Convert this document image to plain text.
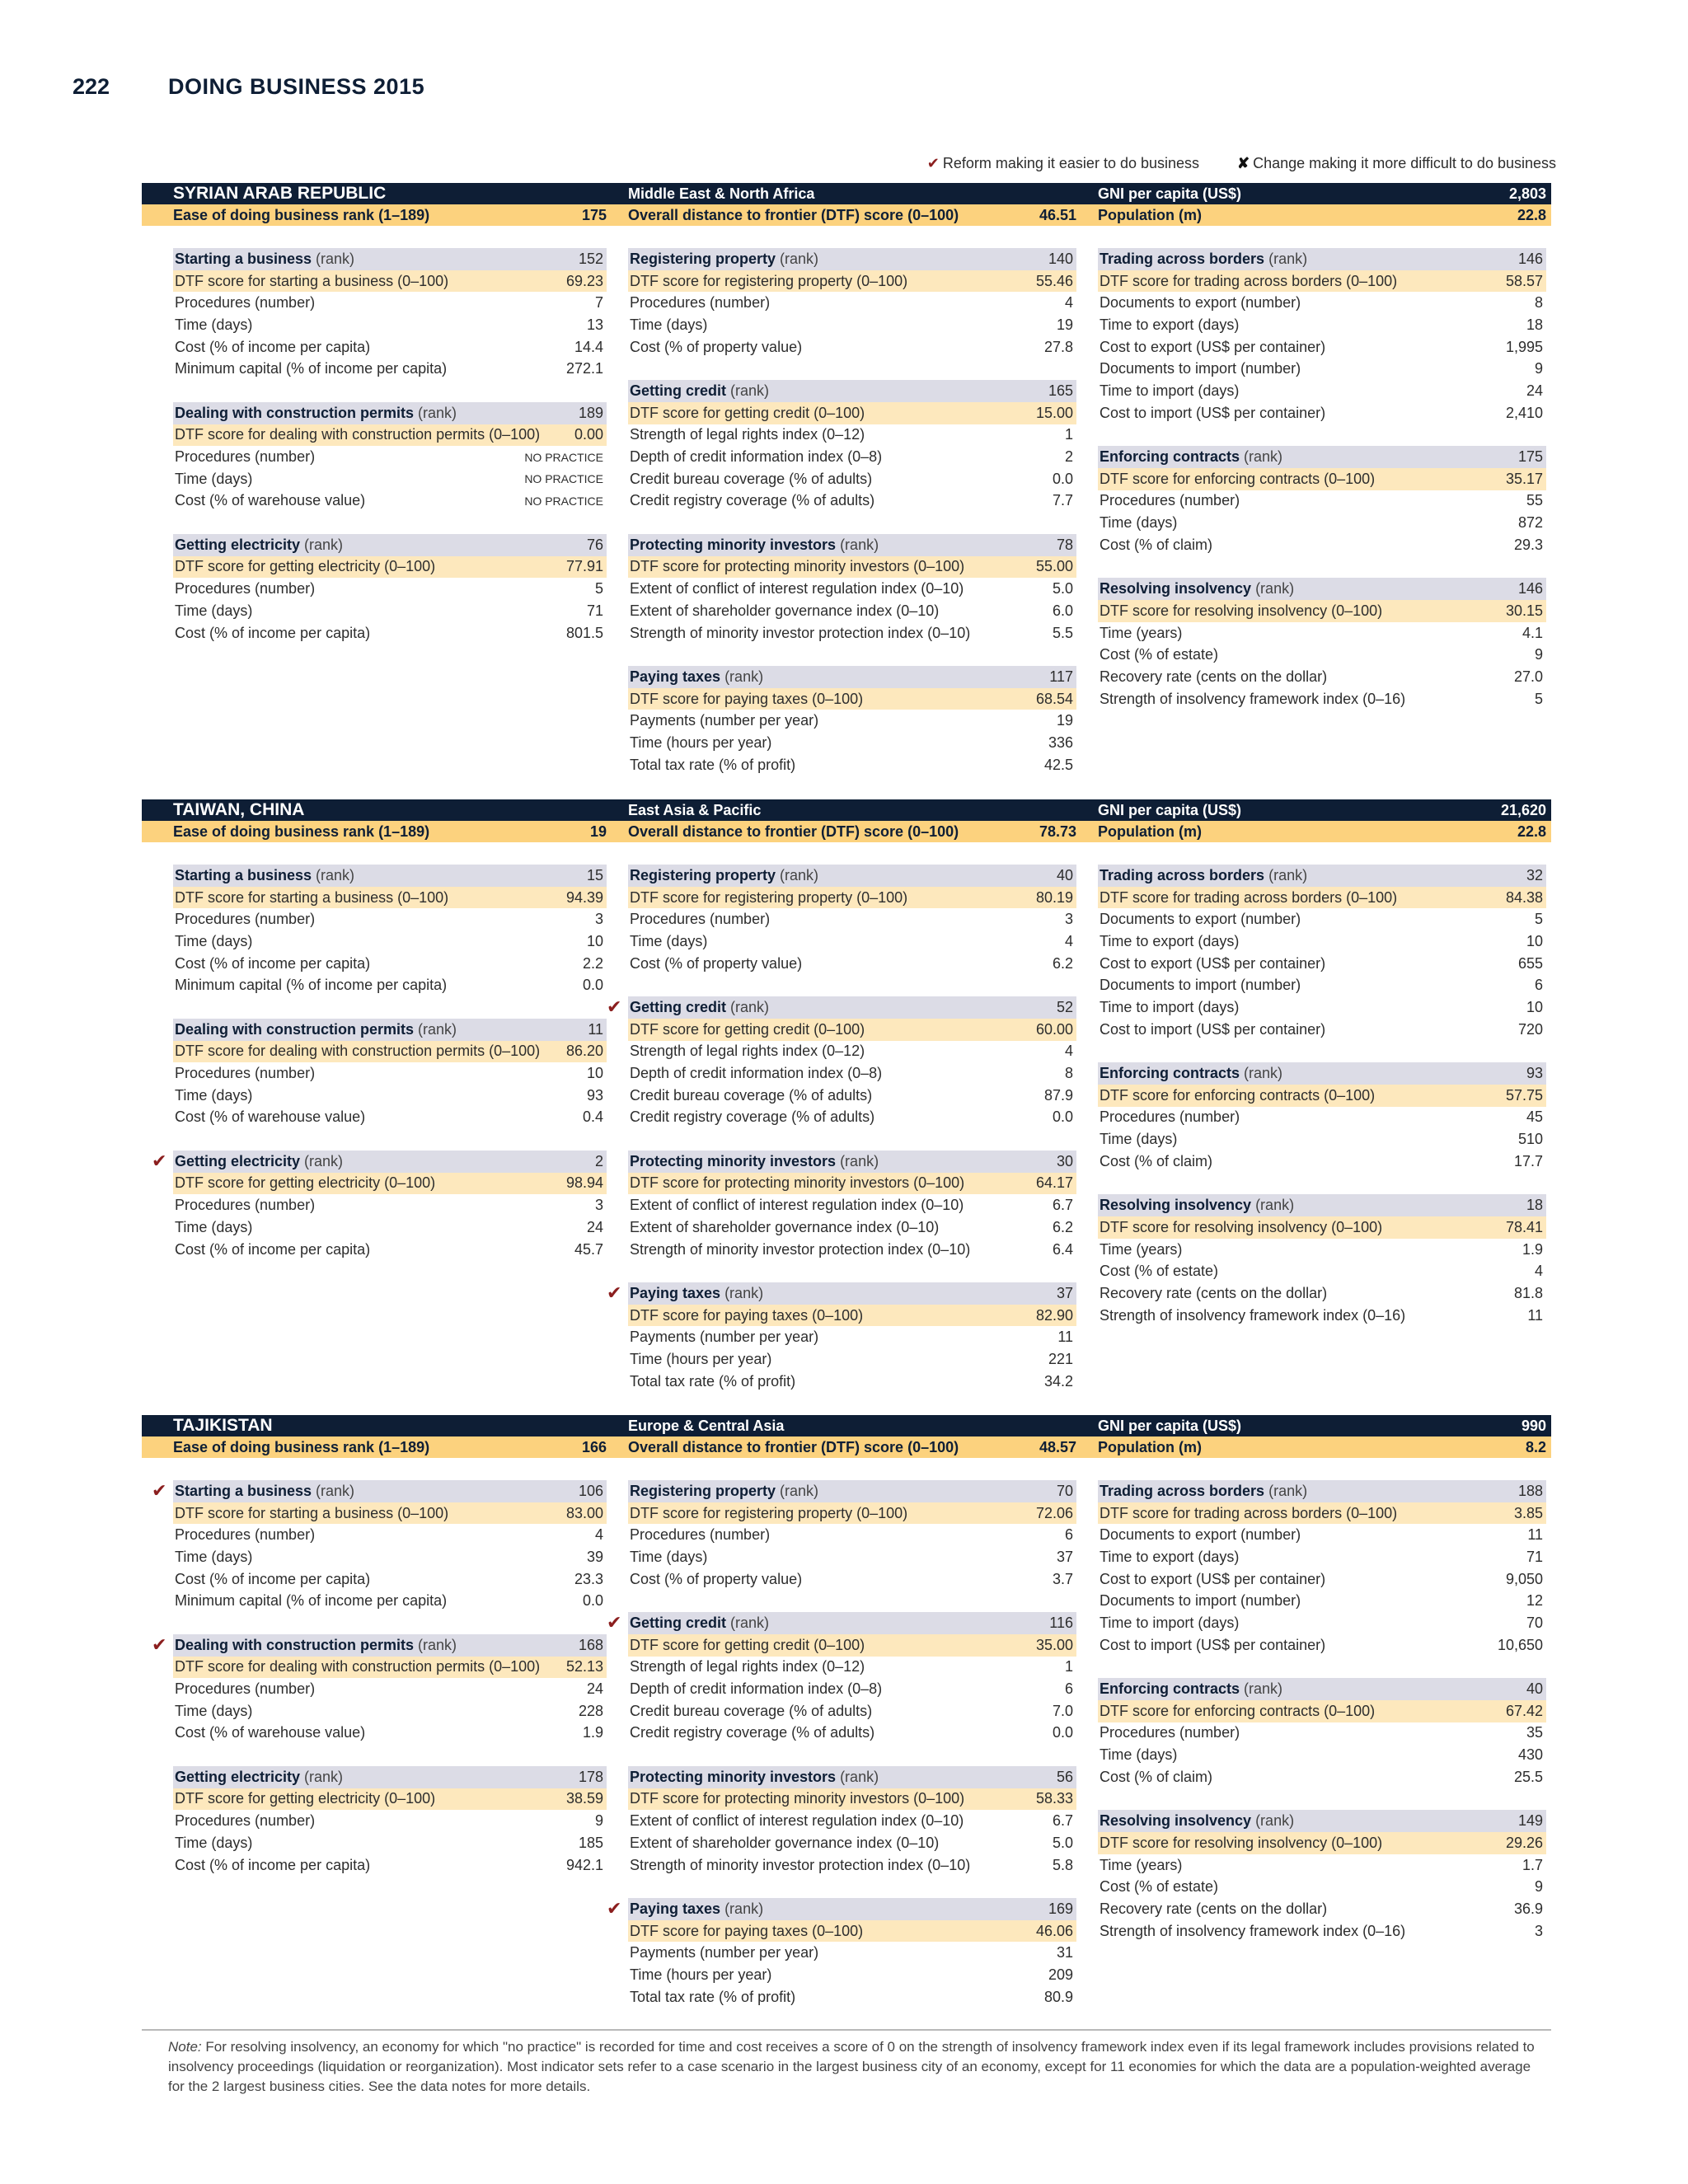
222	DOING BUSINESS 2015
✔ Reform making it easier to do business	✘ Change making it more difficult to do business
SYRIAN ARAB REPUBLIC	Middle East & North Africa	GNI per capita (US$)	2,803
Ease of doing business rank (1–189)	175 Overall distance to frontier (DTF) score (0–100)	46.51 Population (m)	22.8
Starting a business (rank)	152
DTF score for starting a business (0–100)	69.23
Procedures (number)	7
Time (days)	13
Cost (% of income per capita)	14.4
Minimum capital (% of income per capita)	272.1
Dealing with construction permits (rank)	189
DTF score for dealing with construction permits (0–100) 0.00
Procedures (number)	NO PRACTICE
Time (days)	NO PRACTICE
Cost (% of warehouse value)	NO PRACTICE
Getting electricity (rank)	76
DTF score for getting electricity (0–100)	77.91
Procedures (number)	5
Time (days)	71
Cost (% of income per capita)	801.5
Registering property (rank)	140
DTF score for registering property (0–100)	55.46
Procedures (number)	4
Time (days)	19
Cost (% of property value)	27.8
Getting credit (rank)	165
DTF score for getting credit (0–100)	15.00
Strength of legal rights index (0–12)	1
Depth of credit information index (0–8)	2
Credit bureau coverage (% of adults)	0.0
Credit registry coverage (% of adults)	7.7
Protecting minority investors (rank)	78
DTF score for protecting minority investors (0–100)	55.00
Extent of conflict of interest regulation index (0–10)	5.0
Extent of shareholder governance index (0–10)	6.0
Strength of minority investor protection index (0–10)	5.5
Paying taxes (rank)	117
DTF score for paying taxes (0–100)	68.54
Payments (number per year)	19
Time (hours per year)	336
Total tax rate (% of profit)	42.5
Trading across borders (rank)	146
DTF score for trading across borders (0–100)	58.57
Documents to export (number)	8
Time to export (days)	18
Cost to export (US$ per container)	1,995
Documents to import (number)	9
Time to import (days)	24
Cost to import (US$ per container)	2,410
Enforcing contracts (rank)	175
DTF score for enforcing contracts (0–100)	35.17
Procedures (number)	55
Time (days)	872
Cost (% of claim)	29.3
Resolving insolvency (rank)	146
DTF score for resolving insolvency (0–100)	30.15
Time (years)	4.1
Cost (% of estate)	9
Recovery rate (cents on the dollar)	27.0
Strength of insolvency framework index (0–16)	5
TAIWAN, CHINA	East Asia & Pacific	GNI per capita (US$)	21,620
Ease of doing business rank (1–189)	19 Overall distance to frontier (DTF) score (0–100)	78.73 Population (m)	22.8
Starting a business (rank)	15
DTF score for starting a business (0–100)	94.39
Procedures (number)	3
Time (days)	10
Cost (% of income per capita)	2.2
Minimum capital (% of income per capita)	0.0
Dealing with construction permits (rank)	11
DTF score for dealing with construction permits (0–100) 86.20
Procedures (number)	10
Time (days)	93
Cost (% of warehouse value)	0.4
✔ Getting electricity (rank)	2
DTF score for getting electricity (0–100)	98.94
Procedures (number)	3
Time (days)	24
Cost (% of income per capita)	45.7
Registering property (rank)	40
DTF score for registering property (0–100)	80.19
Procedures (number)	3
Time (days)	4
Cost (% of property value)	6.2
✔ Getting credit (rank)	52
DTF score for getting credit (0–100)	60.00
Strength of legal rights index (0–12)	4
Depth of credit information index (0–8)	8
Credit bureau coverage (% of adults)	87.9
Credit registry coverage (% of adults)	0.0
Protecting minority investors (rank)	30
DTF score for protecting minority investors (0–100)	64.17
Extent of conflict of interest regulation index (0–10)	6.7
Extent of shareholder governance index (0–10)	6.2
Strength of minority investor protection index (0–10)	6.4
✔ Paying taxes (rank)	37
DTF score for paying taxes (0–100)	82.90
Payments (number per year)	11
Time (hours per year)	221
Total tax rate (% of profit)	34.2
Trading across borders (rank)	32
DTF score for trading across borders (0–100)	84.38
Documents to export (number)	5
Time to export (days)	10
Cost to export (US$ per container)	655
Documents to import (number)	6
Time to import (days)	10
Cost to import (US$ per container)	720
Enforcing contracts (rank)	93
DTF score for enforcing contracts (0–100)	57.75
Procedures (number)	45
Time (days)	510
Cost (% of claim)	17.7
Resolving insolvency (rank)	18
DTF score for resolving insolvency (0–100)	78.41
Time (years)	1.9
Cost (% of estate)	4
Recovery rate (cents on the dollar)	81.8
Strength of insolvency framework index (0–16)	11
TAJIKISTAN	Europe & Central Asia	GNI per capita (US$)	990
Ease of doing business rank (1–189)	166 Overall distance to frontier (DTF) score (0–100)	48.57 Population (m)	8.2
✔ Starting a business (rank)	106
DTF score for starting a business (0–100)	83.00
Procedures (number)	4
Time (days)	39
Cost (% of income per capita)	23.3
Minimum capital (% of income per capita)	0.0
✔ Dealing with construction permits (rank)	168
DTF score for dealing with construction permits (0–100) 52.13
Procedures (number)	24
Time (days)	228
Cost (% of warehouse value)	1.9
Getting electricity (rank)	178
DTF score for getting electricity (0–100)	38.59
Procedures (number)	9
Time (days)	185
Cost (% of income per capita)	942.1
Registering property (rank)	70
DTF score for registering property (0–100)	72.06
Procedures (number)	6
Time (days)	37
Cost (% of property value)	3.7
✔ Getting credit (rank)	116
DTF score for getting credit (0–100)	35.00
Strength of legal rights index (0–12)	1
Depth of credit information index (0–8)	6
Credit bureau coverage (% of adults)	7.0
Credit registry coverage (% of adults)	0.0
Protecting minority investors (rank)	56
DTF score for protecting minority investors (0–100)	58.33
Extent of conflict of interest regulation index (0–10)	6.7
Extent of shareholder governance index (0–10)	5.0
Strength of minority investor protection index (0–10)	5.8
✔ Paying taxes (rank)	169
DTF score for paying taxes (0–100)	46.06
Payments (number per year)	31
Time (hours per year)	209
Total tax rate (% of profit)	80.9
Trading across borders (rank)	188
DTF score for trading across borders (0–100)	3.85
Documents to export (number)	11
Time to export (days)	71
Cost to export (US$ per container)	9,050
Documents to import (number)	12
Time to import (days)	70
Cost to import (US$ per container)	10,650
Enforcing contracts (rank)	40
DTF score for enforcing contracts (0–100)	67.42
Procedures (number)	35
Time (days)	430
Cost (% of claim)	25.5
Resolving insolvency (rank)	149
DTF score for resolving insolvency (0–100)	29.26
Time (years)	1.7
Cost (% of estate)	9
Recovery rate (cents on the dollar)	36.9
Strength of insolvency framework index (0–16)	3
Note: For resolving insolvency, an economy for which "no practice" is recorded for time and cost receives a score of 0 on the strength of insolvency framework index even if its legal framework includes provisions related to insolvency proceedings (liquidation or reorganization). Most indicator sets refer to a case scenario in the largest business city of an economy, except for 11 economies for which the data are a population-weighted average for the 2 largest business cities. See the data notes for more details.
